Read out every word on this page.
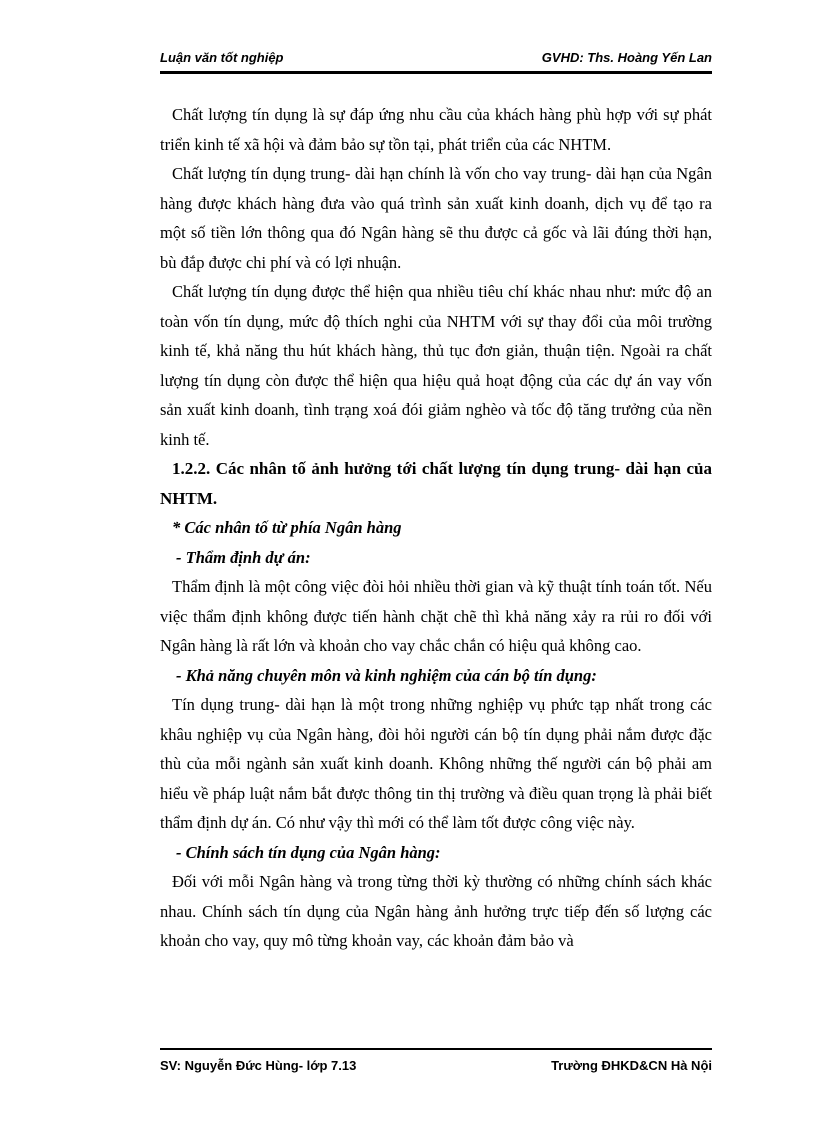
Luận văn tốt nghiệp	GVHD: Ths. Hoàng Yến Lan

Chất lượng tín dụng là sự đáp ứng nhu cầu của khách hàng phù hợp với sự phát triển kinh tế xã hội và đảm bảo sự tồn tại, phát triển của các NHTM.

Chất lượng tín dụng trung- dài hạn chính là vốn cho vay trung- dài hạn của Ngân hàng được khách hàng đưa vào quá trình sản xuất kinh doanh, dịch vụ để tạo ra một số tiền lớn thông qua đó Ngân hàng sẽ thu được cả gốc và lãi đúng thời hạn, bù đắp được chi phí và có lợi nhuận.

Chất lượng tín dụng được thể hiện qua nhiều tiêu chí khác nhau như: mức độ an toàn vốn tín dụng, mức độ thích nghi của NHTM với sự thay đổi của môi trường kinh tế, khả năng thu hút khách hàng, thủ tục đơn giản, thuận tiện. Ngoài ra chất lượng tín dụng còn được thể hiện qua hiệu quả hoạt động của các dự án vay vốn sản xuất kinh doanh, tình trạng xoá đói giảm nghèo và tốc độ tăng trưởng của nền kinh tế.

1.2.2. Các nhân tố ảnh hưởng tới chất lượng tín dụng trung- dài hạn của NHTM.

* Các nhân tố từ phía Ngân hàng

- Thẩm định dự án:

Thẩm định là một công việc đòi hỏi nhiều thời gian và kỹ thuật tính toán tốt. Nếu việc thẩm định không được tiến hành chặt chẽ thì khả năng xảy ra rủi ro đối với Ngân hàng là rất lớn và khoản cho vay chắc chắn có hiệu quả không cao.

- Khả năng chuyên môn và kinh nghiệm của cán bộ tín dụng:

Tín dụng trung- dài hạn là một trong những nghiệp vụ phức tạp nhất trong các khâu nghiệp vụ của Ngân hàng, đòi hỏi người cán bộ tín dụng phải nắm được đặc thù của mỗi ngành sản xuất kinh doanh. Không những thế người cán bộ phải am hiểu về pháp luật nắm bắt được thông tin thị trường và điều quan trọng là phải biết thẩm định dự án. Có như vậy thì mới có thể làm tốt được công việc này.

- Chính sách tín dụng của Ngân hàng:

Đối với mỗi Ngân hàng và trong từng thời kỳ thường có những chính sách khác nhau. Chính sách tín dụng của Ngân hàng ảnh hưởng trực tiếp đến số lượng các khoản cho vay, quy mô từng khoản vay, các khoản đảm bảo và

SV: Nguyễn Đức Hùng- lớp 7.13	Trường ĐHKD&CN Hà Nội
